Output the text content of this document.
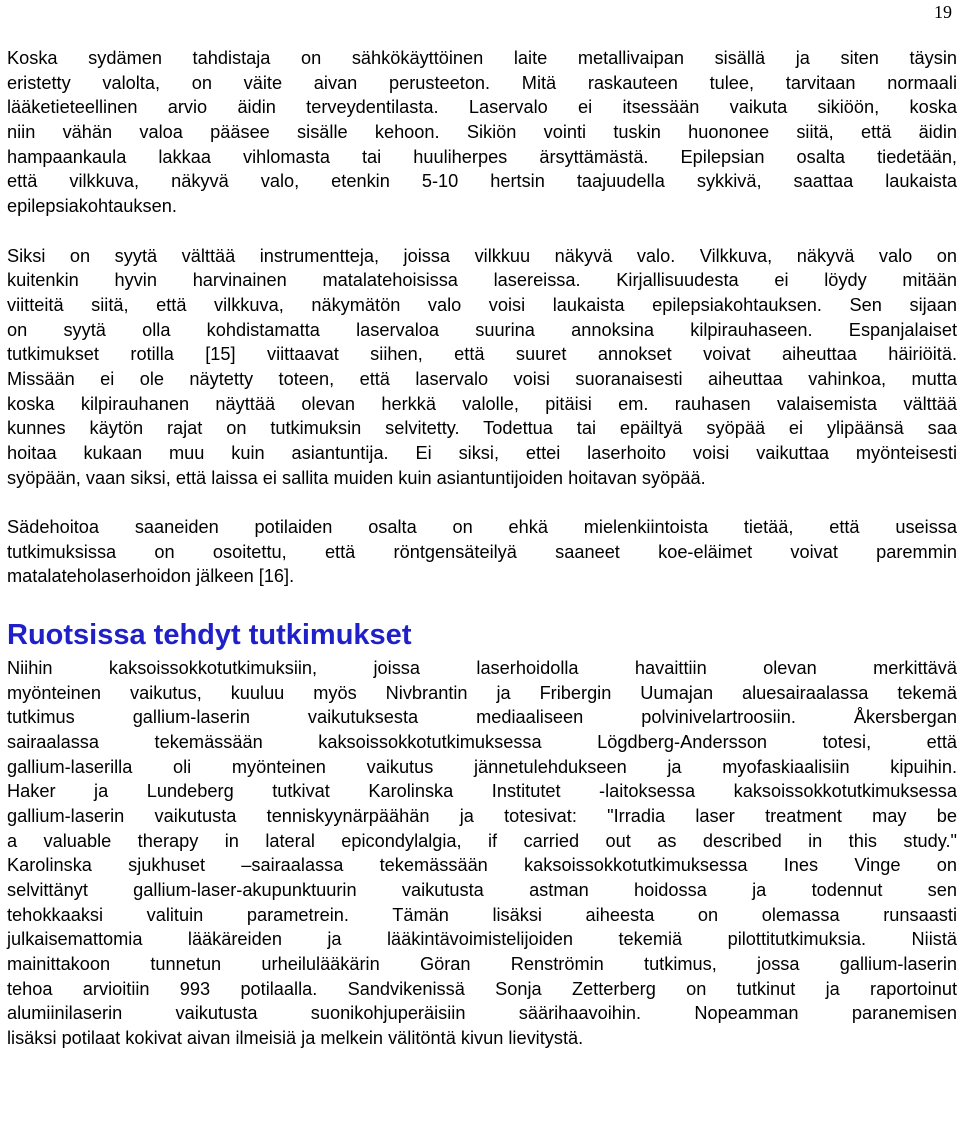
19
Koska sydämen tahdistaja on sähkökäyttöinen laite metallivaipan sisällä ja siten täysin
eristetty valolta, on väite aivan perusteeton. Mitä raskauteen tulee, tarvitaan normaali
lääketieteellinen arvio äidin terveydentilasta. Laservalo ei itsessään vaikuta sikiöön, koska
niin vähän valoa pääsee sisälle kehoon. Sikiön vointi tuskin huononee siitä, että äidin
hampaankaula lakkaa vihlomasta tai huuliherpes ärsyttämästä. Epilepsian osalta tiedetään,
että vilkkuva, näkyvä valo, etenkin 5-10 hertsin taajuudella sykkivä, saattaa laukaista
epilepsiakohtauksen.
Siksi on syytä välttää instrumentteja, joissa vilkkuu näkyvä valo. Vilkkuva, näkyvä valo on
kuitenkin hyvin harvinainen matalatehoisissa lasereissa. Kirjallisuudesta ei löydy mitään
viitteitä siitä, että vilkkuva, näkymätön valo voisi laukaista epilepsiakohtauksen. Sen sijaan
on syytä olla kohdistamatta laservaloa suurina annoksina kilpirauhaseen. Espanjalaiset
tutkimukset rotilla [15] viittaavat siihen, että suuret annokset voivat aiheuttaa häiriöitä.
Missään ei ole näytetty toteen, että laservalo voisi suoranaisesti aiheuttaa vahinkoa, mutta
koska kilpirauhanen näyttää olevan herkkä valolle, pitäisi em. rauhasen valaisemista välttää
kunnes käytön rajat on tutkimuksin selvitetty. Todettua tai epäiltyä syöpää ei ylipäänsä saa
hoitaa kukaan muu kuin asiantuntija. Ei siksi, ettei laserhoito voisi vaikuttaa myönteisesti
syöpään, vaan siksi, että laissa ei sallita muiden kuin asiantuntijoiden hoitavan syöpää.
Sädehoitoa saaneiden potilaiden osalta on ehkä mielenkiintoista tietää, että useissa
tutkimuksissa on osoitettu, että röntgensäteilyä saaneet koe-eläimet voivat paremmin
matalateholaserhoidon jälkeen [16].
Ruotsissa tehdyt tutkimukset
Niihin kaksoissokkotutkimuksiin, joissa laserhoidolla havaittiin olevan merkittävä
myönteinen vaikutus, kuuluu myös Nivbrantin ja Fribergin Uumajan aluesairaalassa tekemä
tutkimus gallium-laserin vaikutuksesta mediaaliseen polvinivelartroosiin. Åkersbergan
sairaalassa tekemässään kaksoissokkotutkimuksessa Lögdberg-Andersson totesi, että
gallium-laserilla oli myönteinen vaikutus jännetulehdukseen ja myofaskiaalisiin kipuihin.
Haker ja Lundeberg tutkivat Karolinska Institutet -laitoksessa kaksoissokkotutkimuksessa
gallium-laserin vaikutusta tenniskyynärpäähän ja totesivat: "Irradia laser treatment may be
a valuable therapy in lateral epicondylalgia, if carried out as described in this study."
Karolinska sjukhuset –sairaalassa tekemässään kaksoissokkotutkimuksessa Ines Vinge on
selvittänyt gallium-laser-akupunktuurin vaikutusta astman hoidossa ja todennut sen
tehokkaaksi valituin parametrein. Tämän lisäksi aiheesta on olemassa runsaasti
julkaisemattomia lääkäreiden ja lääkintävoimistelijoiden tekemiä pilottitutkimuksia. Niistä
mainittakoon tunnetun urheilulääkärin Göran Renströmin tutkimus, jossa gallium-laserin
tehoa arvioitiin 993 potilaalla. Sandvikenissä Sonja Zetterberg on tutkinut ja raportoinut
alumiinilaserin vaikutusta suonikohjuperäisiin säärihaavoihin. Nopeamman paranemisen
lisäksi potilaat kokivat aivan ilmeisiä ja melkein välitöntä kivun lievitystä.
